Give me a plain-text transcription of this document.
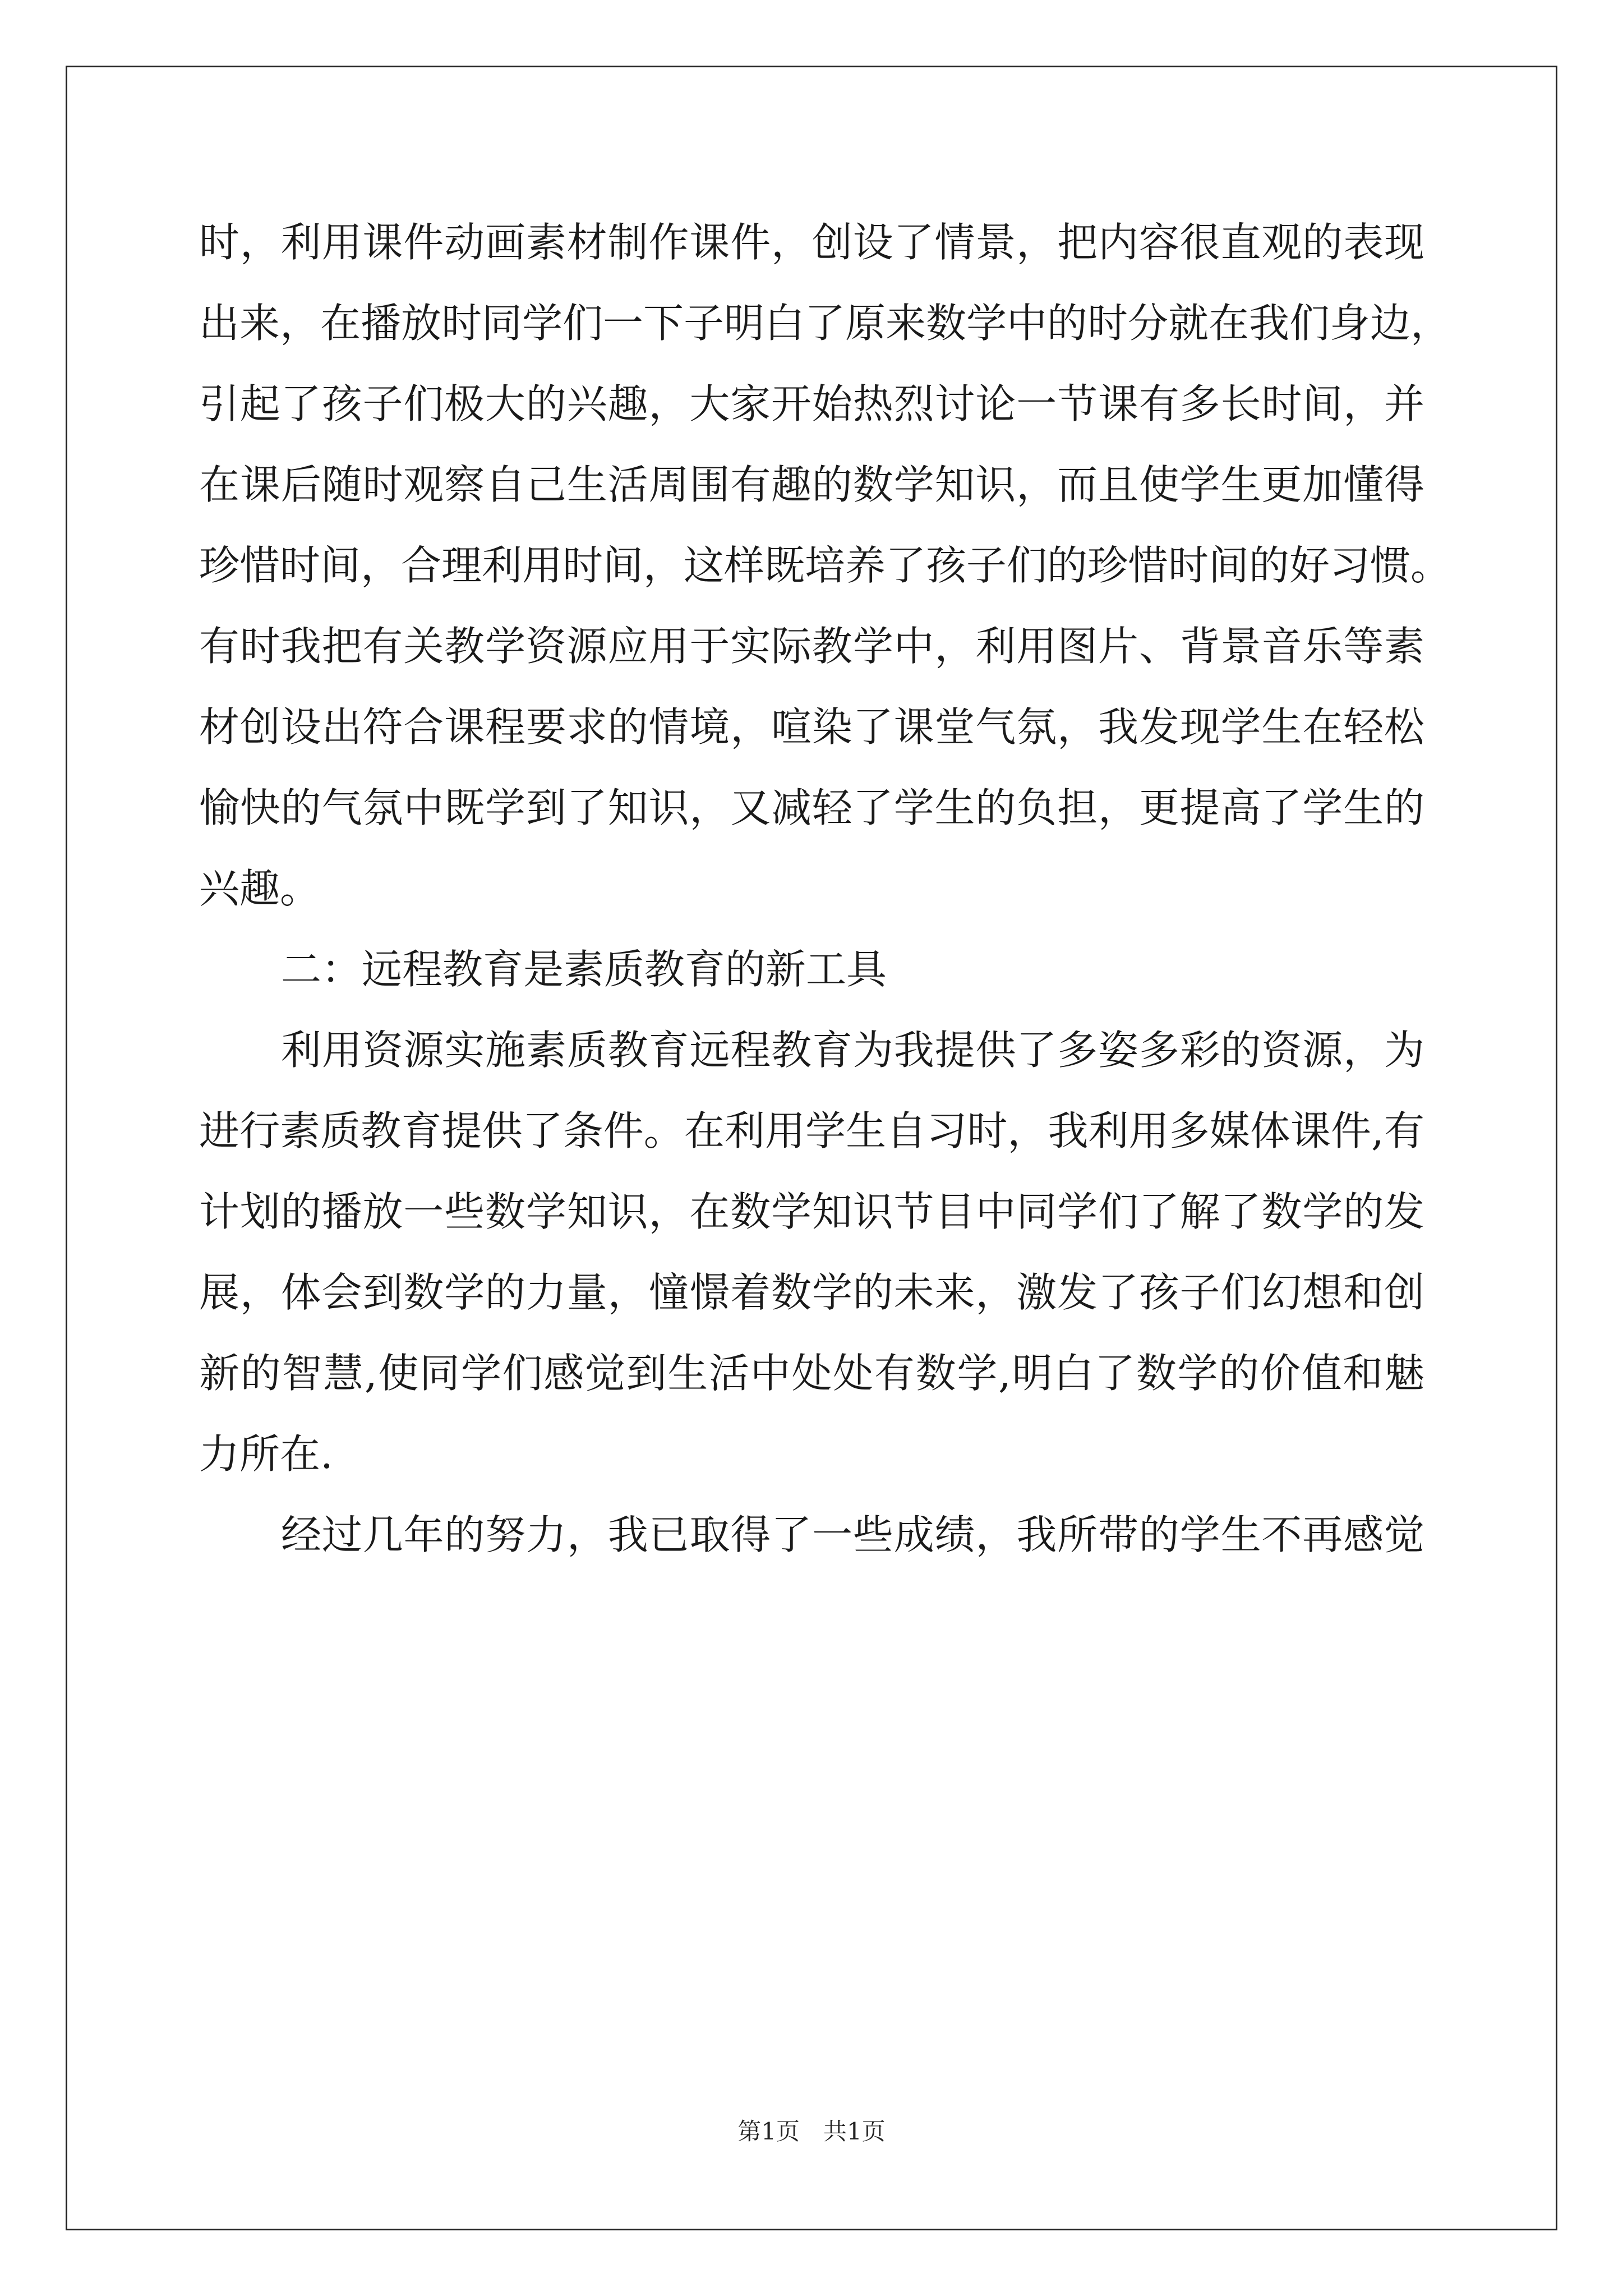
时，利用课件动画素材制作课件，创设了情景，把内容很直观的表现
出来，在播放时同学们一下子明白了原来数学中的时分就在我们身边，
引起了孩子们极大的兴趣，大家开始热烈讨论一节课有多长时间，并
在课后随时观察自己生活周围有趣的数学知识，而且使学生更加懂得
珍惜时间，合理利用时间，这样既培养了孩子们的珍惜时间的好习惯。
有时我把有关教学资源应用于实际教学中，利用图片、背景音乐等素
材创设出符合课程要求的情境，喧染了课堂气氛，我发现学生在轻松
愉快的气氛中既学到了知识，又减轻了学生的负担，更提高了学生的
兴趣。
二：远程教育是素质教育的新工具
利用资源实施素质教育远程教育为我提供了多姿多彩的资源，为
进行素质教育提供了条件。在利用学生自习时，我利用多媒体课件,有
计划的播放一些数学知识，在数学知识节目中同学们了解了数学的发
展，体会到数学的力量，憧憬着数学的未来，激发了孩子们幻想和创
新的智慧,使同学们感觉到生活中处处有数学,明白了数学的价值和魅
力所在.
经过几年的努力，我已取得了一些成绩，我所带的学生不再感觉
第1页　共1页
